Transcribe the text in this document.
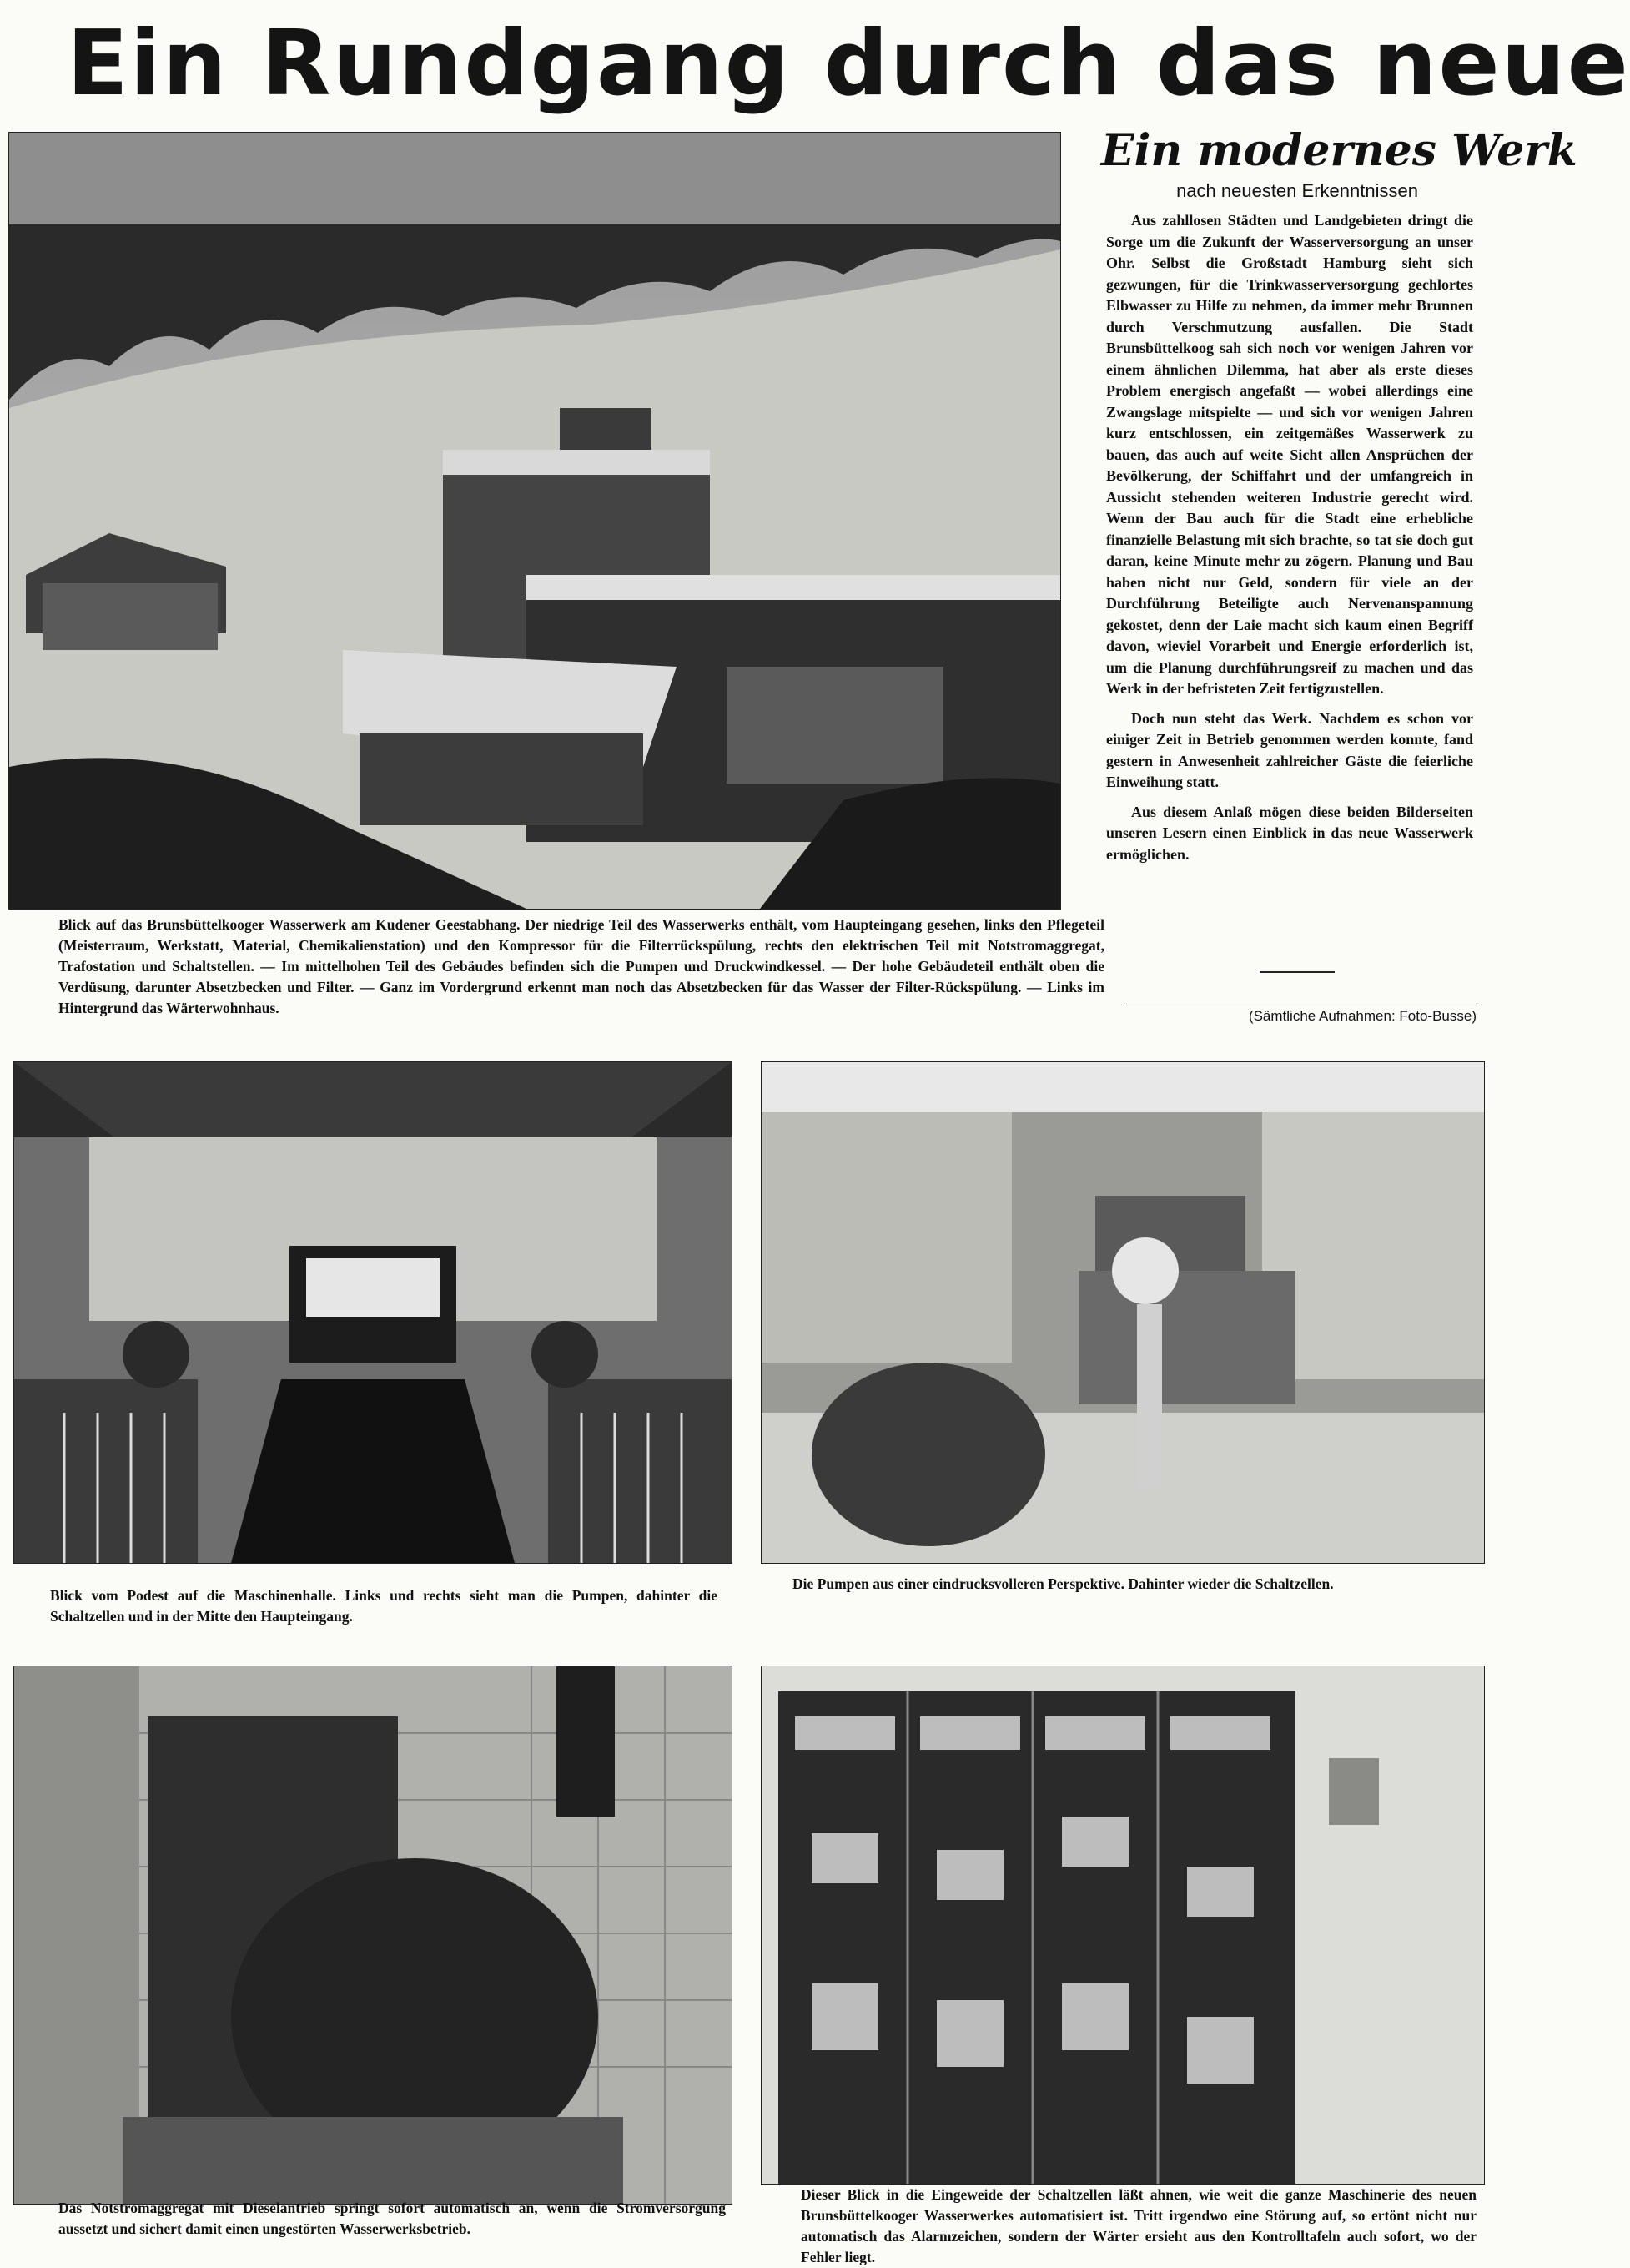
Ein Rundgang durch das neue
Blick auf das Brunsbüttelkooger Wasserwerk am Kudener Geestabhang. Der niedrige Teil des Wasserwerks enthält, vom Haupteingang gesehen, links den Pflegeteil (Meisterraum, Werkstatt, Material, Chemikalienstation) und den Kompressor für die Filterrückspülung, rechts den elektrischen Teil mit Notstromaggregat, Trafostation und Schaltstellen. — Im mittelhohen Teil des Gebäudes befinden sich die Pumpen und Druckwindkessel. — Der hohe Gebäudeteil enthält oben die Verdüsung, darunter Absetzbecken und Filter. — Ganz im Vordergrund erkennt man noch das Absetzbecken für das Wasser der Filter-Rückspülung. — Links im Hintergrund das Wärterwohnhaus.
Ein modernes Werk
nach neuesten Erkenntnissen

Aus zahllosen Städten und Landgebieten dringt die Sorge um die Zukunft der Wasserversorgung an unser Ohr. Selbst die Großstadt Hamburg sieht sich gezwungen, für die Trinkwasserversorgung gechlortes Elbwasser zu Hilfe zu nehmen, da immer mehr Brunnen durch Verschmutzung ausfallen. Die Stadt Brunsbüttelkoog sah sich noch vor wenigen Jahren vor einem ähnlichen Dilemma, hat aber als erste dieses Problem energisch angefaßt — wobei allerdings eine Zwangslage mitspielte — und sich vor wenigen Jahren kurz entschlossen, ein zeitgemäßes Wasserwerk zu bauen, das auch auf weite Sicht allen Ansprüchen der Bevölkerung, der Schiffahrt und der umfangreich in Aussicht stehenden weiteren Industrie gerecht wird. Wenn der Bau auch für die Stadt eine erhebliche finanzielle Belastung mit sich brachte, so tat sie doch gut daran, keine Minute mehr zu zögern. Planung und Bau haben nicht nur Geld, sondern für viele an der Durchführung Beteiligte auch Nervenanspannung gekostet, denn der Laie macht sich kaum einen Begriff davon, wieviel Vorarbeit und Energie erforderlich ist, um die Planung durchführungsreif zu machen und das Werk in der befristeten Zeit fertigzustellen.

Doch nun steht das Werk. Nachdem es schon vor einiger Zeit in Betrieb genommen werden konnte, fand gestern in Anwesenheit zahlreicher Gäste die feierliche Einweihung statt.

Aus diesem Anlaß mögen diese beiden Bilderseiten unseren Lesern einen Einblick in das neue Wasserwerk ermöglichen.

(Sämtliche Aufnahmen: Foto-Busse)
Blick vom Podest auf die Maschinenhalle. Links und rechts sieht man die Pumpen, dahinter die Schaltzellen und in der Mitte den Haupteingang.
Die Pumpen aus einer eindrucksvolleren Perspektive. Dahinter wieder die Schaltzellen.
Das Notstromaggregat mit Dieselantrieb springt sofort automatisch an, wenn die Stromversorgung aussetzt und sichert damit einen ungestörten Wasserwerksbetrieb.
Dieser Blick in die Eingeweide der Schaltzellen läßt ahnen, wie weit die ganze Maschinerie des neuen Brunsbüttelkooger Wasserwerkes automatisiert ist. Tritt irgendwo eine Störung auf, so ertönt nicht nur automatisch das Alarmzeichen, sondern der Wärter ersieht aus den Kontrolltafeln auch sofort, wo der Fehler liegt.
